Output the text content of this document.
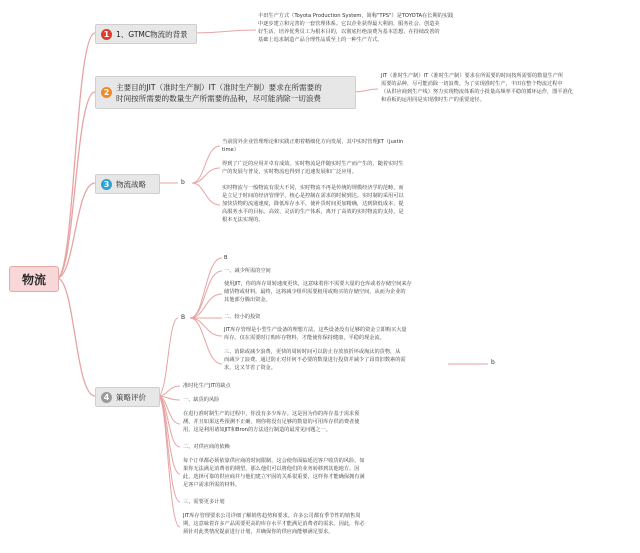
物流
1 1、GTMC物流的背景

丰田生产方式（Toyota Production System，简称"TPS"）是TOYOTA在长期的实践

中逐步建立和完善的一套管理体系。它以企业获得最大利润、服务社会、创造美

好生活、培养优秀员工为根本目的，以彻底杜绝浪费为基本思想，在持续改善的

基础上追求制造产品合理性品质至上的一种生产方式。

2
主要目的JIT（准时生产制）IT（准时生产制）要求在所需要的
时间按所需要的数量生产所需要的品种，尽可能消除一切浪费

JIT（准时生产制）IT（准时生产制）要求在所需要的时间按所需要的数量生产所

需要的品种，尽可能消除一切浪费。为了实现准时生产，丰田在整个物流过程中

（从供应商到生产线）努力实现物流体系的小批量高频率平稳的循环运作，图平准化

和看板的运用同是实现准时生产的重要途径。

3 物流战略	b

当前国外企业管理理论和实践正朝着精细化方向发展，其中实时管理JIT（justin

time）

得到了广泛的应用并卓有成效。实时物流是伴随实时生产而产生的，随着实时生

产的发展与普及，实时物流也得到了迅速发展和广泛应用。

实时物流与一般物流有很大不同，实时物流不再是传统的规模经济学的范畴，而

是立足于时间的经济管理学，核心是控制在需求的时候到达。实时制的采用可以

加快货物的流通速度，降低库存水平，使补货时间更加精确，达到降低成本、提

高服务水平的目标。高效、灵活的生产体系，离开了高效的实时物流的支持，是

根本无法实现的。

4 策略评价
B
B
一、减少所需的空间

使用JIT，你的库存周转速度更快，这意味着你不需要大量的仓库或者存储空间来存

储货物或材料。最终，这将减少组织需要租用或购买的存储空间，从而为企业的

其他部分腾出资金。

二、较小的投资

JIT库存管理是小型生产设备的理想方法，这些设备没有足够的资金立即购买大量

库存。仅在需要时订购库存物料，才能使你保持健康，平稳的现金流。

三、消除或减少浪费，更快的周转时间可以防止存放放折坏或淘汰的货物，从

而减少了浪费。通过防止对任何不必要的数量进行投资并减少了昂贵旧数素的需

求，这又节省了资金。

b
准时化生产JIT的缺点
一、缺货的风险

在进行准时制生产的过程中，你没有多少库存。这是因为你的库存基于需求预

测，并且如果这些预测不正确，则你将没有足够的数量的可用库存供消费者使

用。这是利用诸如JIT和Bron的方法进行制造的最常见问题之一。

二、对供应商的依赖

每个订单都必须依靠供应商的时间限制，这会使你面临延迟客户收货的风险。如

果你无法满足消费者的期望，那么他们可以将他们的业务转移到其他地方。因

此，选择可靠的供应商并与他们建立牢固的关系很重要，这样你才能确保拥有满

足客户需求所需的材料。

三、需要更多计划

JIT库存管理要求公司详细了解销售趋势和要求。许多公司都有季节性的销售周

期，这意味着许多产品需要更高的库存水平才能满足消费者的需求。因此，你必

须针对此类情况提前进行计划，并确保你的供应商能够满足要求。
